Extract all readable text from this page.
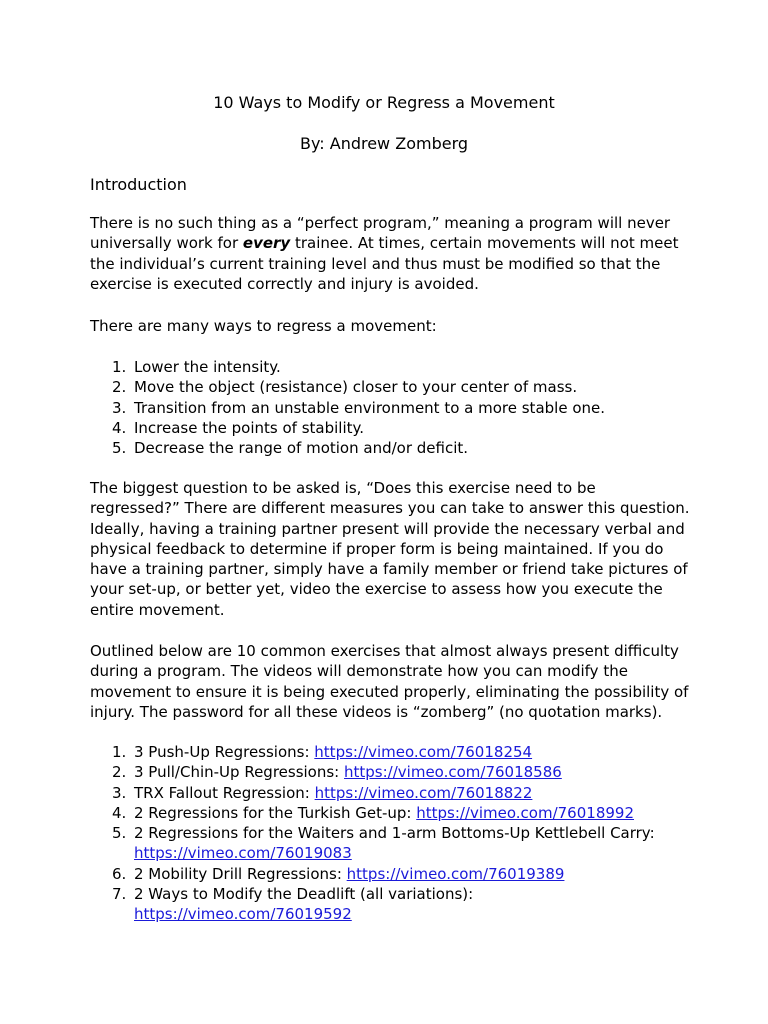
10 Ways to Modify or Regress a Movement
By: Andrew Zomberg
Introduction

There is no such thing as a “perfect program,” meaning a program will never universally work for every trainee. At times, certain movements will not meet the individual’s current training level and thus must be modified so that the exercise is executed correctly and injury is avoided.

There are many ways to regress a movement:

1. Lower the intensity.
2. Move the object (resistance) closer to your center of mass.
3. Transition from an unstable environment to a more stable one.
4. Increase the points of stability.
5. Decrease the range of motion and/or deficit.

The biggest question to be asked is, “Does this exercise need to be regressed?” There are different measures you can take to answer this question. Ideally, having a training partner present will provide the necessary verbal and physical feedback to determine if proper form is being maintained. If you do have a training partner, simply have a family member or friend take pictures of your set-up, or better yet, video the exercise to assess how you execute the entire movement.

Outlined below are 10 common exercises that almost always present difficulty during a program. The videos will demonstrate how you can modify the movement to ensure it is being executed properly, eliminating the possibility of injury. The password for all these videos is “zomberg” (no quotation marks).

1. 3 Push-Up Regressions: https://vimeo.com/76018254
2. 3 Pull/Chin-Up Regressions: https://vimeo.com/76018586
3. TRX Fallout Regression: https://vimeo.com/76018822
4. 2 Regressions for the Turkish Get-up: https://vimeo.com/76018992
5. 2 Regressions for the Waiters and 1-arm Bottoms-Up Kettlebell Carry: https://vimeo.com/76019083
6. 2 Mobility Drill Regressions: https://vimeo.com/76019389
7. 2 Ways to Modify the Deadlift (all variations): https://vimeo.com/76019592
